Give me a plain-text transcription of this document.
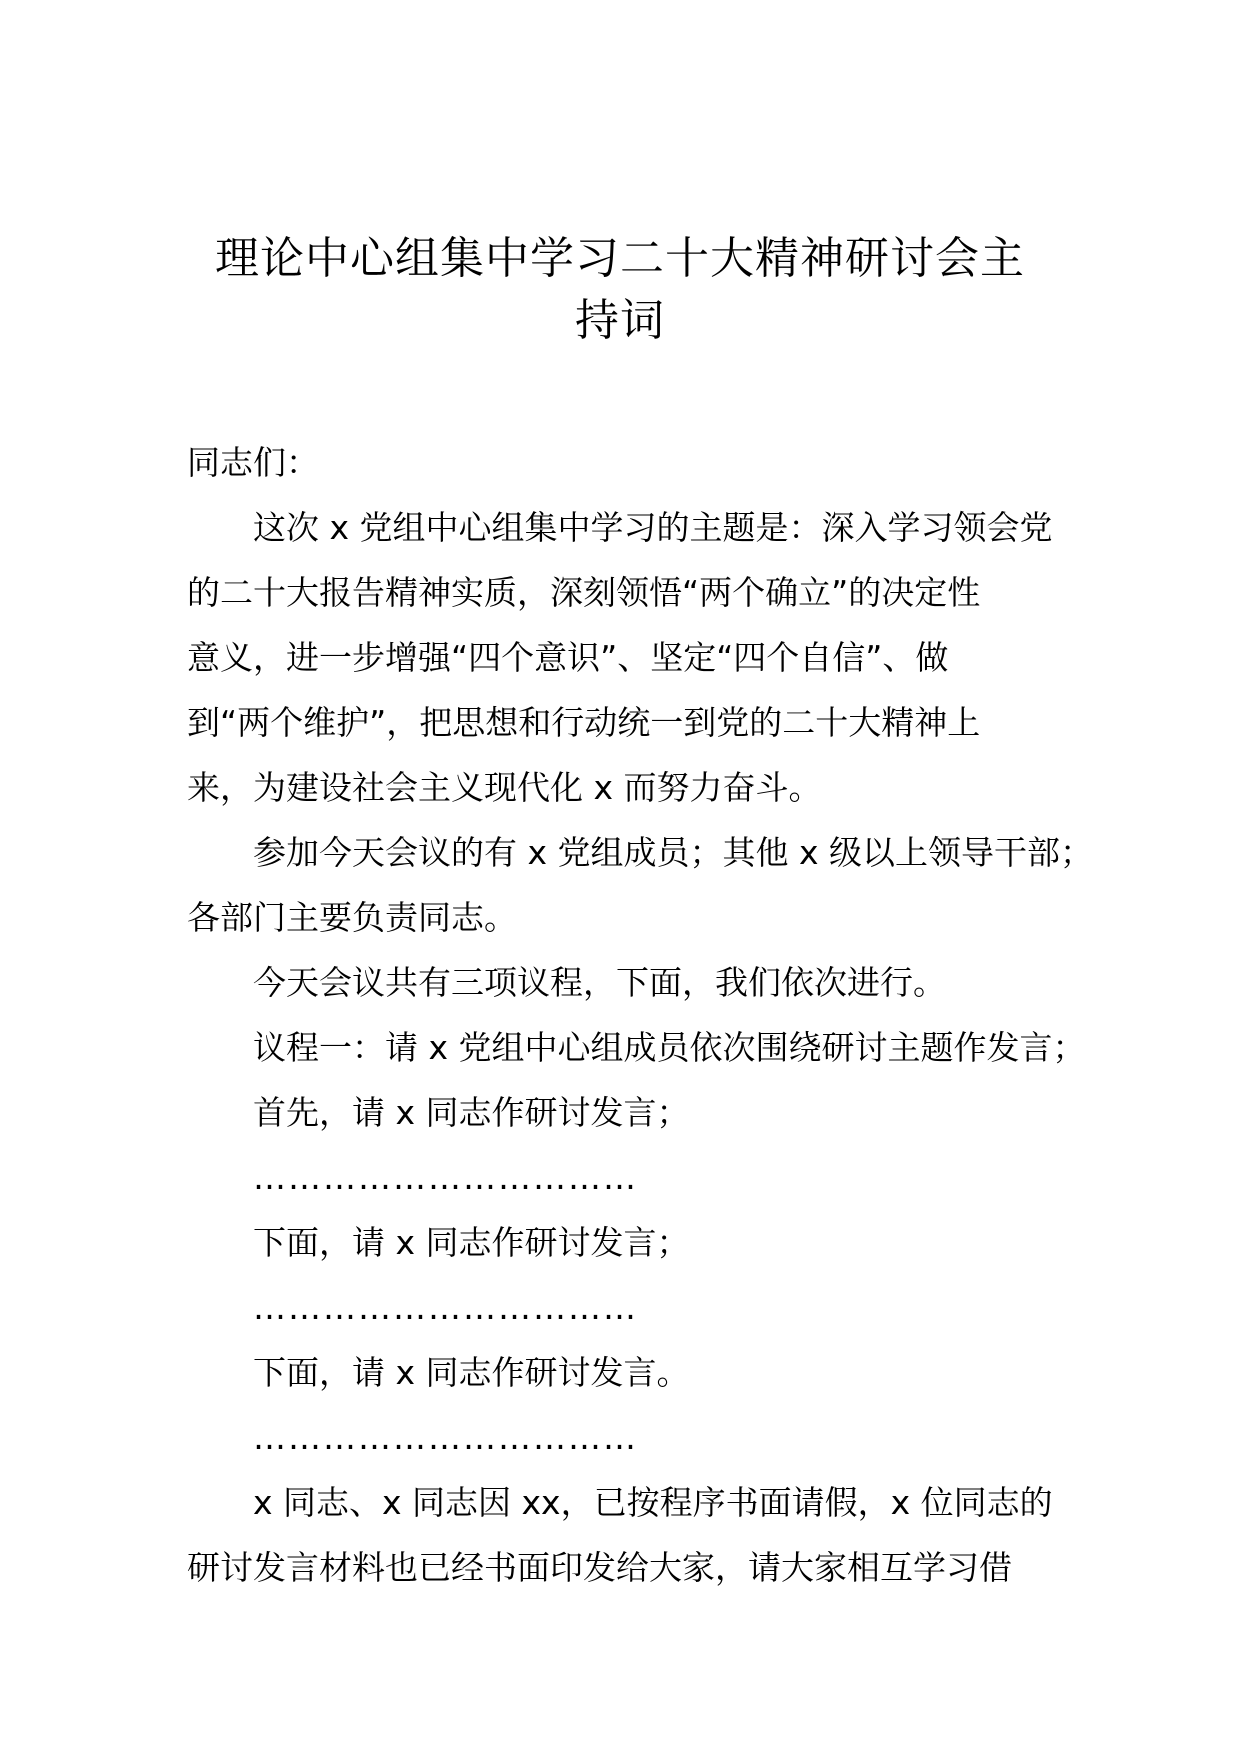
理论中心组集中学习二十大精神研讨会主
持词
同志们：
这次 x 党组中心组集中学习的主题是：深入学习领会党
的二十大报告精神实质，深刻领悟“两个确立”的决定性
意义，进一步增强“四个意识”、坚定“四个自信”、做
到“两个维护”，把思想和行动统一到党的二十大精神上
来，为建设社会主义现代化 x 而努力奋斗。
参加今天会议的有 x 党组成员；其他 x 级以上领导干部；
各部门主要负责同志。
今天会议共有三项议程，下面，我们依次进行。
议程一：请 x 党组中心组成员依次围绕研讨主题作发言；
首先，请 x 同志作研讨发言；
……………………………
下面，请 x 同志作研讨发言；
……………………………
下面，请 x 同志作研讨发言。
……………………………
x 同志、x 同志因 xx，已按程序书面请假，x 位同志的
研讨发言材料也已经书面印发给大家，请大家相互学习借
